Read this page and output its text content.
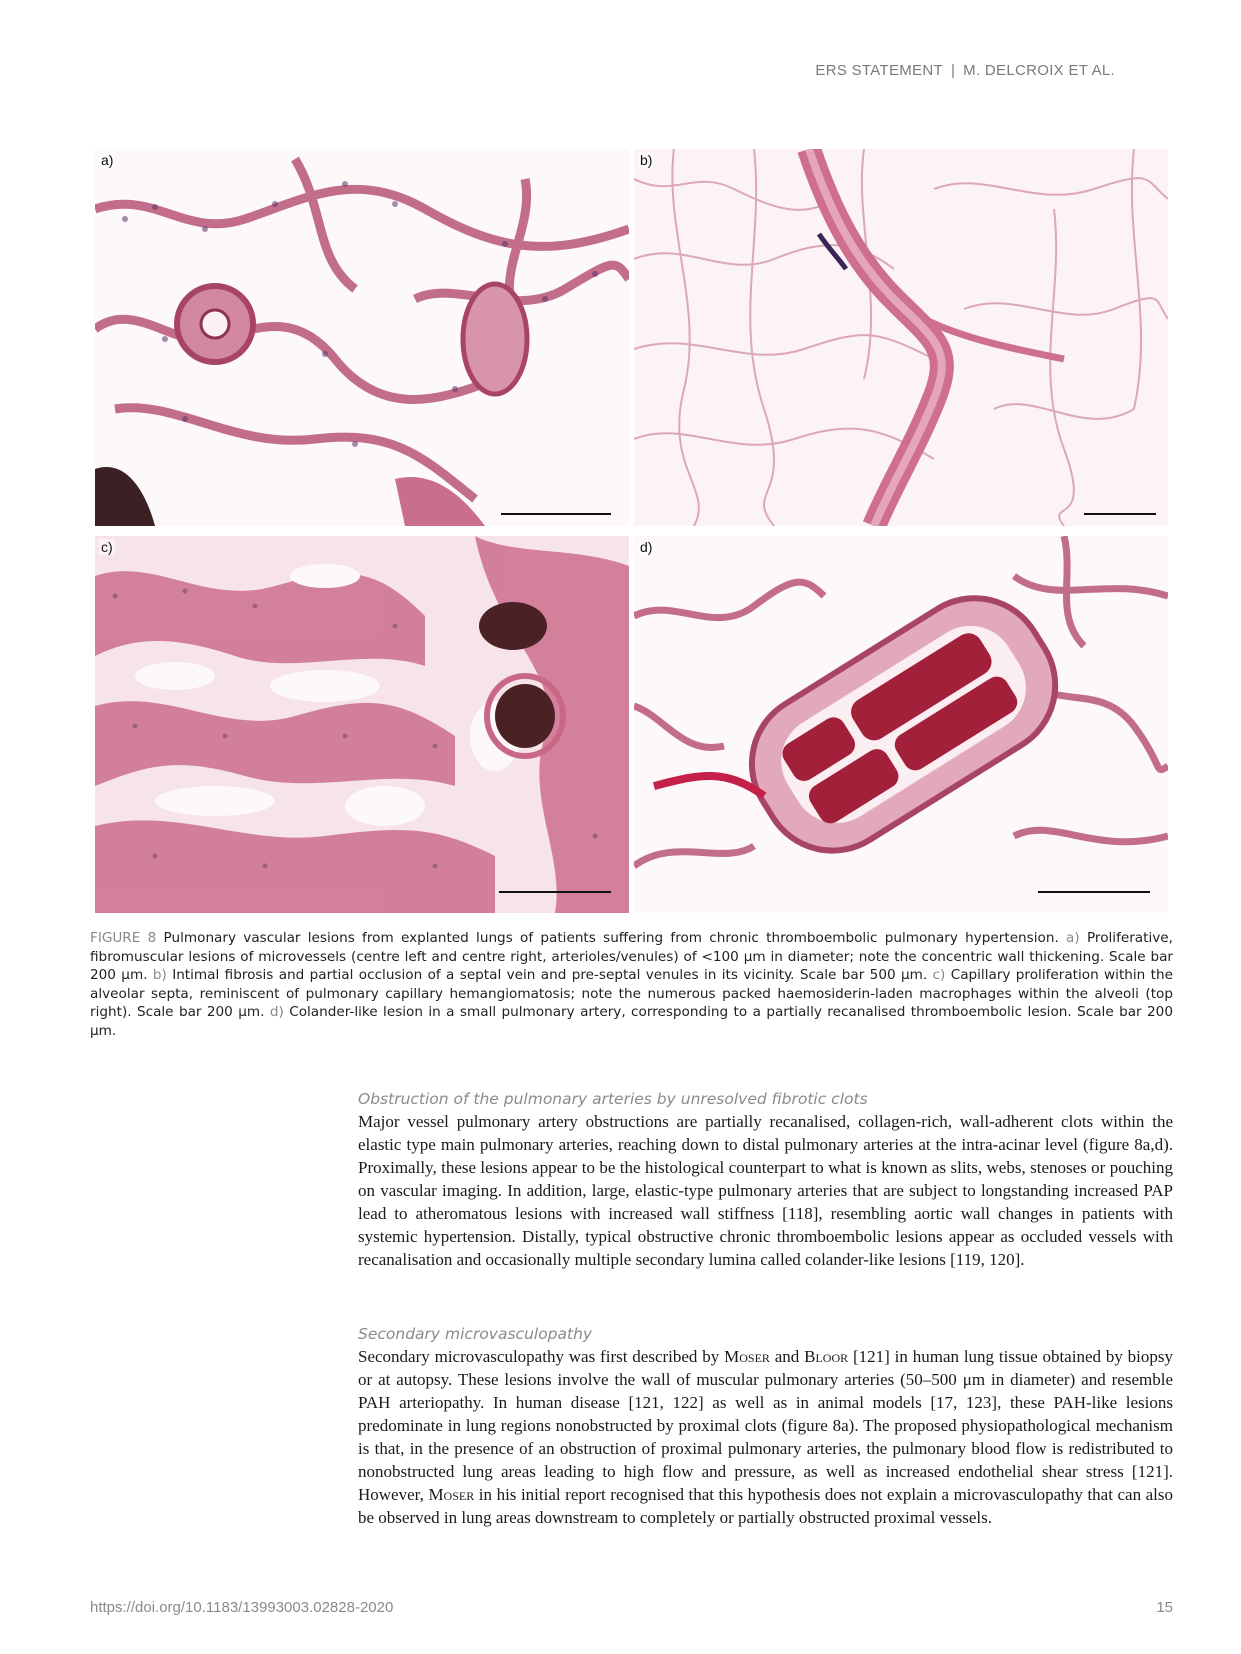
ERS STATEMENT | M. DELCROIX ET AL.
a)	b)
c)	d)
FIGURE 8 Pulmonary vascular lesions from explanted lungs of patients suffering from chronic thromboembolic pulmonary hypertension. a) Proliferative, fibromuscular lesions of microvessels (centre left and centre right, arterioles/venules) of <100 μm in diameter; note the concentric wall thickening. Scale bar 200 μm. b) Intimal fibrosis and partial occlusion of a septal vein and pre-septal venules in its vicinity. Scale bar 500 μm. c) Capillary proliferation within the alveolar septa, reminiscent of pulmonary capillary hemangiomatosis; note the numerous packed haemosiderin-laden macrophages within the alveoli (top right). Scale bar 200 μm. d) Colander-like lesion in a small pulmonary artery, corresponding to a partially recanalised thromboembolic lesion. Scale bar 200 μm.
Obstruction of the pulmonary arteries by unresolved fibrotic clots

Major vessel pulmonary artery obstructions are partially recanalised, collagen-rich, wall-adherent clots within the elastic type main pulmonary arteries, reaching down to distal pulmonary arteries at the intra-acinar level (figure 8a,d). Proximally, these lesions appear to be the histological counterpart to what is known as slits, webs, stenoses or pouching on vascular imaging. In addition, large, elastic-type pulmonary arteries that are subject to longstanding increased PAP lead to atheromatous lesions with increased wall stiffness [118], resembling aortic wall changes in patients with systemic hypertension. Distally, typical obstructive chronic thromboembolic lesions appear as occluded vessels with recanalisation and occasionally multiple secondary lumina called colander-like lesions [119, 120].

Secondary microvasculopathy

Secondary microvasculopathy was first described by Moser and Bloor [121] in human lung tissue obtained by biopsy or at autopsy. These lesions involve the wall of muscular pulmonary arteries (50–500 μm in diameter) and resemble PAH arteriopathy. In human disease [121, 122] as well as in animal models [17, 123], these PAH-like lesions predominate in lung regions nonobstructed by proximal clots (figure 8a). The proposed physiopathological mechanism is that, in the presence of an obstruction of proximal pulmonary arteries, the pulmonary blood flow is redistributed to nonobstructed lung areas leading to high flow and pressure, as well as increased endothelial shear stress [121]. However, Moser in his initial report recognised that this hypothesis does not explain a microvasculopathy that can also be observed in lung areas downstream to completely or partially obstructed proximal vessels.

https://doi.org/10.1183/13993003.02828-2020	15
